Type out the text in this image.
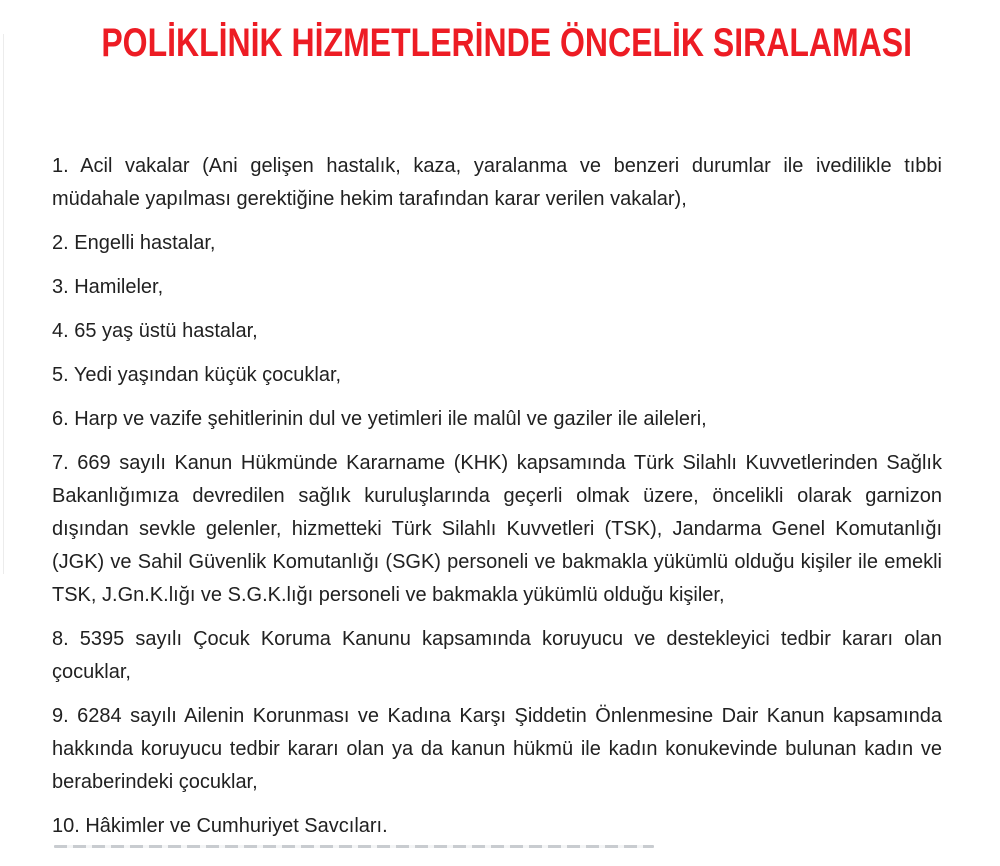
POLİKLİNİK HİZMETLERİNDE ÖNCELİK SIRALAMASI

1. Acil vakalar (Ani gelişen hastalık, kaza, yaralanma ve benzeri durumlar ile ivedilikle tıbbi müdahale yapılması gerektiğine hekim tarafından karar verilen vakalar),

2. Engelli hastalar,

3. Hamileler,

4. 65 yaş üstü hastalar,

5. Yedi yaşından küçük çocuklar,

6. Harp ve vazife şehitlerinin dul ve yetimleri ile malûl ve gaziler ile aileleri,

7. 669 sayılı Kanun Hükmünde Kararname (KHK) kapsamında Türk Silahlı Kuvvetlerinden Sağlık Bakanlığımıza devredilen sağlık kuruluşlarında geçerli olmak üzere, öncelikli olarak garnizon dışından sevkle gelenler, hizmetteki Türk Silahlı Kuvvetleri (TSK), Jandarma Genel Komutanlığı (JGK) ve Sahil Güvenlik Komutanlığı (SGK) personeli ve bakmakla yükümlü olduğu kişiler ile emekli TSK, J.Gn.K.lığı ve S.G.K.lığı personeli ve bakmakla yükümlü olduğu kişiler,

8. 5395 sayılı Çocuk Koruma Kanunu kapsamında koruyucu ve destekleyici tedbir kararı olan çocuklar,

9. 6284 sayılı Ailenin Korunması ve Kadına Karşı Şiddetin Önlenmesine Dair Kanun kapsamında hakkında koruyucu tedbir kararı olan ya da kanun hükmü ile kadın konukevinde bulunan kadın ve beraberindeki çocuklar,

10. Hâkimler ve Cumhuriyet Savcıları.
